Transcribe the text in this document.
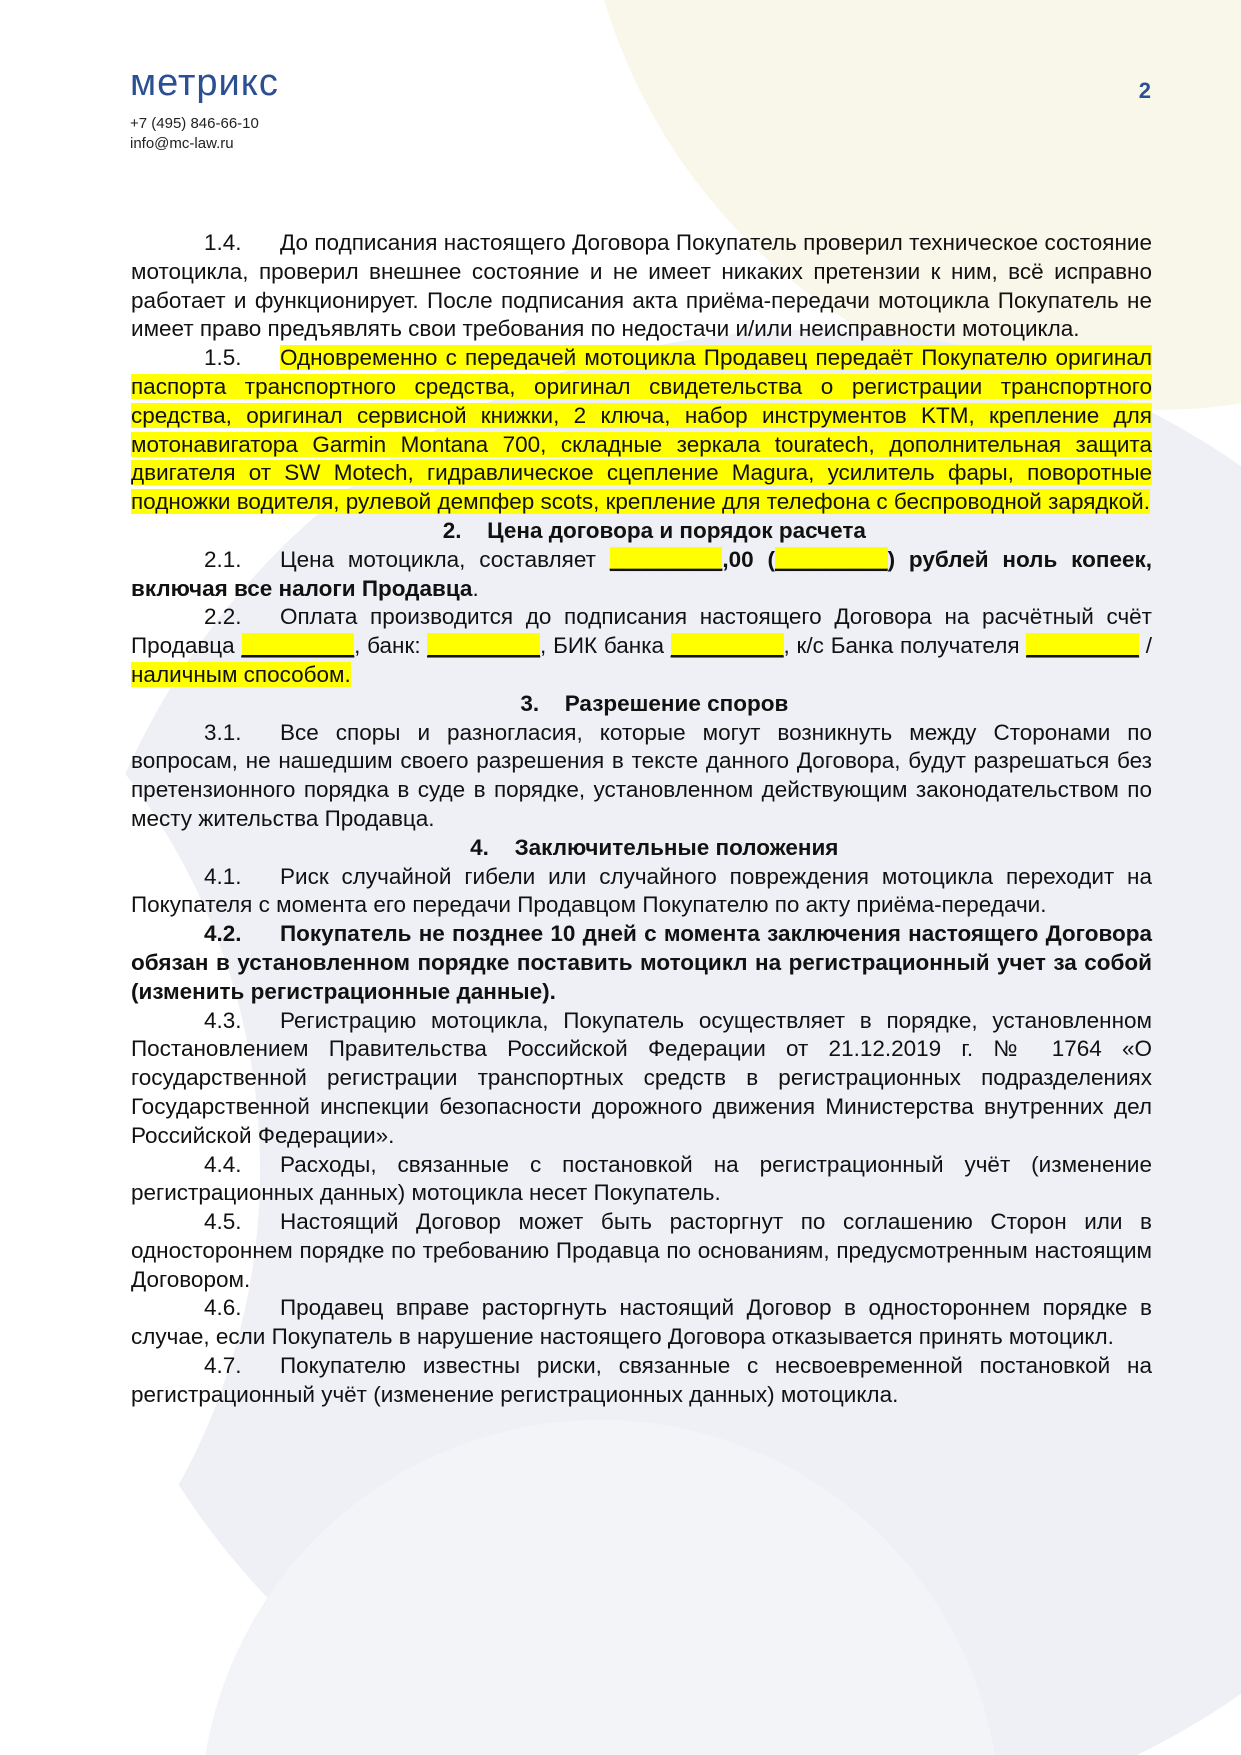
метрикс
+7 (495) 846-66-10
info@mc-law.ru
2

1.4. До подписания настоящего Договора Покупатель проверил техническое состояние мотоцикла, проверил внешнее состояние и не имеет никаких претензии к ним, всё исправно работает и функционирует. После подписания акта приёма-передачи мотоцикла Покупатель не имеет право предъявлять свои требования по недостачи и/или неисправности мотоцикла.

1.5. Одновременно с передачей мотоцикла Продавец передаёт Покупателю оригинал паспорта транспортного средства, оригинал свидетельства о регистрации транспортного средства, оригинал сервисной книжки, 2 ключа, набор инструментов KTM, крепление для мотонавигатора Garmin Montana 700, складные зеркала touratech, дополнительная защита двигателя от SW Motech, гидравлическое сцепление Magura, усилитель фары, поворотные подножки водителя, рулевой демпфер scots, крепление для телефона с беспроводной зарядкой.

2. Цена договора и порядок расчета

2.1. Цена мотоцикла, составляет _________,00 (_________) рублей ноль копеек, включая все налоги Продавца.

2.2. Оплата производится до подписания настоящего Договора на расчётный счёт Продавца _________, банк: _________, БИК банка _________, к/с Банка получателя _________ /наличным способом.

3. Разрешение споров

3.1. Все споры и разногласия, которые могут возникнуть между Сторонами по вопросам, не нашедшим своего разрешения в тексте данного Договора, будут разрешаться без претензионного порядка в суде в порядке, установленном действующим законодательством по месту жительства Продавца.

4. Заключительные положения

4.1. Риск случайной гибели или случайного повреждения мотоцикла переходит на Покупателя с момента его передачи Продавцом Покупателю по акту приёма-передачи.

4.2. Покупатель не позднее 10 дней с момента заключения настоящего Договора обязан в установленном порядке поставить мотоцикл на регистрационный учет за собой (изменить регистрационные данные).

4.3. Регистрацию мотоцикла, Покупатель осуществляет в порядке, установленном Постановлением Правительства Российской Федерации от 21.12.2019 г. № 1764 «О государственной регистрации транспортных средств в регистрационных подразделениях Государственной инспекции безопасности дорожного движения Министерства внутренних дел Российской Федерации».

4.4. Расходы, связанные с постановкой на регистрационный учёт (изменение регистрационных данных) мотоцикла несет Покупатель.

4.5. Настоящий Договор может быть расторгнут по соглашению Сторон или в одностороннем порядке по требованию Продавца по основаниям, предусмотренным настоящим Договором.

4.6. Продавец вправе расторгнуть настоящий Договор в одностороннем порядке в случае, если Покупатель в нарушение настоящего Договора отказывается принять мотоцикл.

4.7. Покупателю известны риски, связанные с несвоевременной постановкой на регистрационный учёт (изменение регистрационных данных) мотоцикла.
